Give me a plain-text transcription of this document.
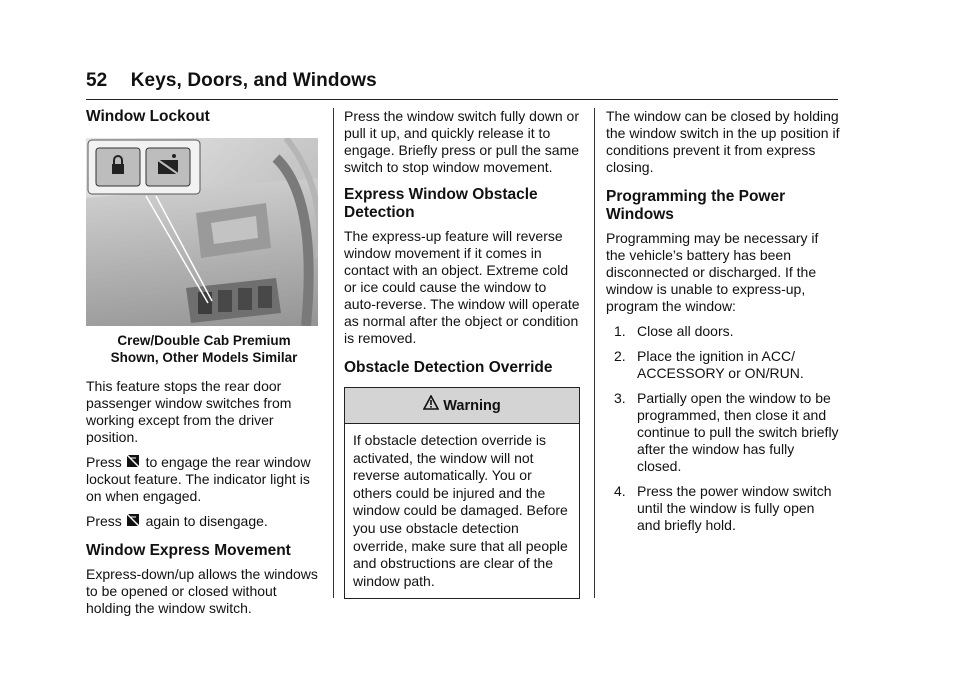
52 Keys, Doors, and Windows
Window Lockout
Crew/Double Cab Premium
Shown, Other Models Similar

This feature stops the rear door passenger window switches from working except from the driver position.

Press to engage the rear window lockout feature. The indicator light is on when engaged.

Press again to disengage.

Window Express Movement

Express-down/up allows the windows to be opened or closed without holding the window switch.

Press the window switch fully down or pull it up, and quickly release it to engage. Briefly press or pull the same switch to stop window movement.

Express Window Obstacle Detection

The express-up feature will reverse window movement if it comes in contact with an object. Extreme cold or ice could cause the window to auto-reverse. The window will operate as normal after the object or condition is removed.

Obstacle Detection Override
Warning
If obstacle detection override is activated, the window will not reverse automatically. You or others could be injured and the window could be damaged. Before you use obstacle detection override, make sure that all people and obstructions are clear of the window path.

The window can be closed by holding the window switch in the up position if conditions prevent it from express closing.

Programming the Power Windows

Programming may be necessary if the vehicle’s battery has been disconnected or discharged. If the window is unable to express-up, program the window:

1. Close all doors.
2. Place the ignition in ACC/ ACCESSORY or ON/RUN.
3. Partially open the window to be programmed, then close it and continue to pull the switch briefly after the window has fully closed.
4. Press the power window switch until the window is fully open and briefly hold.
